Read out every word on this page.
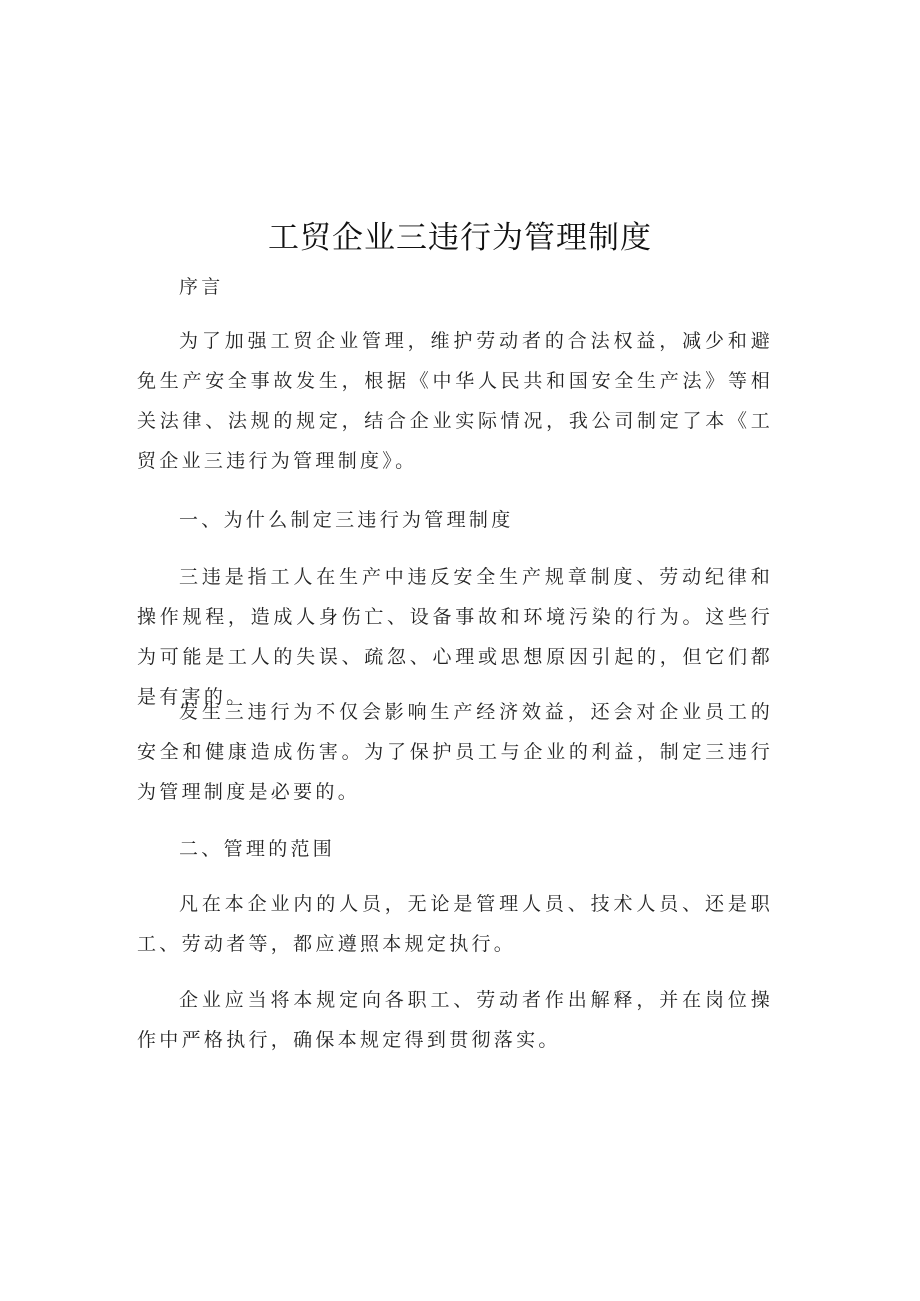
工贸企业三违行为管理制度

序言

为了加强工贸企业管理，维护劳动者的合法权益，减少和避免生产安全事故发生，根据《中华人民共和国安全生产法》等相关法律、法规的规定，结合企业实际情况，我公司制定了本《工贸企业三违行为管理制度》。

一、为什么制定三违行为管理制度

三违是指工人在生产中违反安全生产规章制度、劳动纪律和操作规程，造成人身伤亡、设备事故和环境污染的行为。这些行为可能是工人的失误、疏忽、心理或思想原因引起的，但它们都是有害的。

发生三违行为不仅会影响生产经济效益，还会对企业员工的安全和健康造成伤害。为了保护员工与企业的利益，制定三违行为管理制度是必要的。

二、管理的范围

凡在本企业内的人员，无论是管理人员、技术人员、还是职工、劳动者等，都应遵照本规定执行。

企业应当将本规定向各职工、劳动者作出解释，并在岗位操作中严格执行，确保本规定得到贯彻落实。
